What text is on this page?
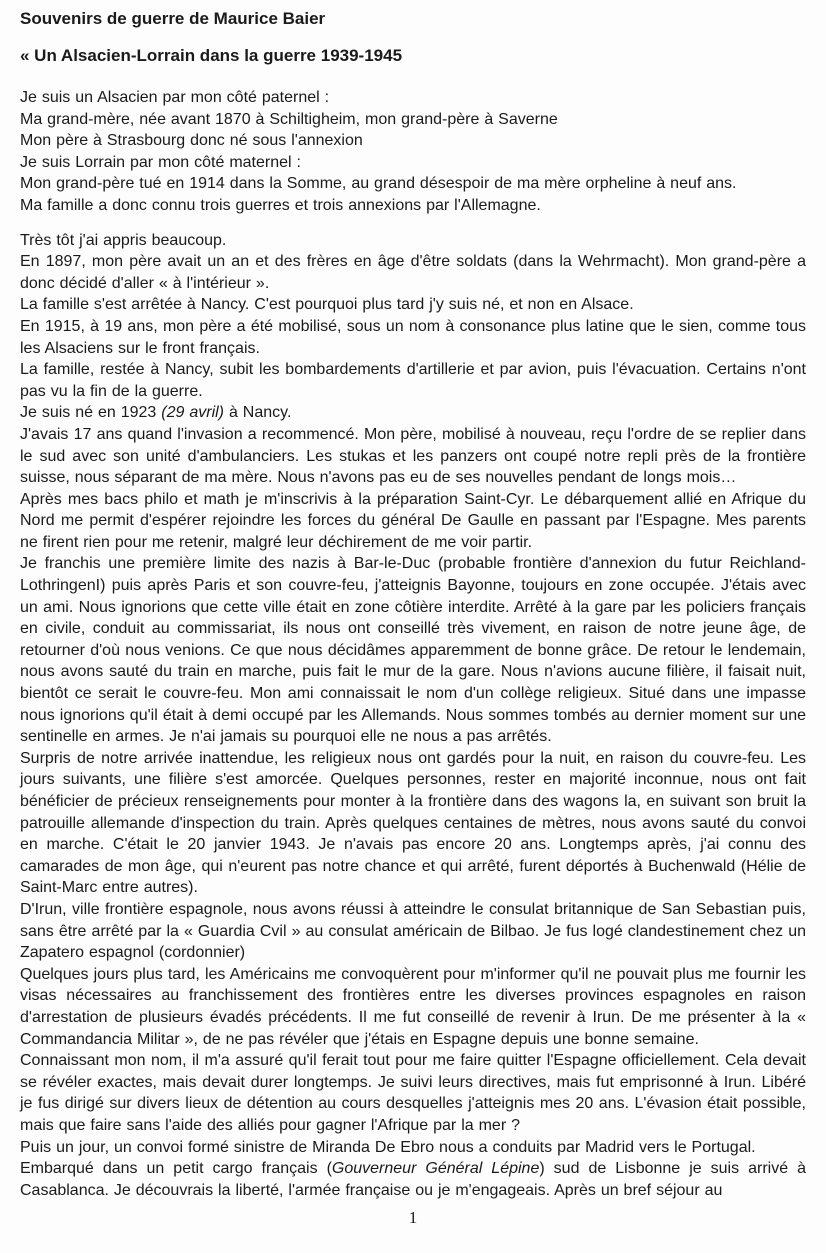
Souvenirs de guerre de Maurice Baier
« Un Alsacien-Lorrain dans la guerre 1939-1945

Je suis un Alsacien par mon côté paternel :

Ma grand-mère, née avant 1870 à Schiltigheim, mon grand-père à Saverne

Mon père à Strasbourg donc né sous l'annexion

Je suis Lorrain par mon côté maternel :

Mon grand-père tué en 1914 dans la Somme, au grand désespoir de ma mère orpheline à neuf ans.

Ma famille a donc connu trois guerres et trois annexions par l'Allemagne.

Très tôt j'ai appris beaucoup.

En 1897, mon père avait un an et des frères en âge d'être soldats (dans la Wehrmacht). Mon grand-père a donc décidé d'aller « à l'intérieur ».

La famille s'est arrêtée à Nancy. C'est pourquoi plus tard j'y suis né, et non en Alsace.

En 1915, à 19 ans, mon père a été mobilisé, sous un nom à consonance plus latine que le sien, comme tous les Alsaciens sur le front français.

La famille, restée à Nancy, subit les bombardements d'artillerie et par avion, puis l'évacuation. Certains n'ont pas vu la fin de la guerre.

Je suis né en 1923 (29 avril) à Nancy.

J'avais 17 ans quand l'invasion a recommencé. Mon père, mobilisé à nouveau, reçu l'ordre de se replier dans le sud avec son unité d'ambulanciers. Les stukas et les panzers ont coupé notre repli près de la frontière suisse, nous séparant de ma mère. Nous n'avons pas eu de ses nouvelles pendant de longs mois…

Après mes bacs philo et math je m'inscrivis à la préparation Saint-Cyr. Le débarquement allié en Afrique du Nord me permit d'espérer rejoindre les forces du général De Gaulle en passant par l'Espagne. Mes parents ne firent rien pour me retenir, malgré leur déchirement de me voir partir.

Je franchis une première limite des nazis à Bar-le-Duc (probable frontière d'annexion du futur Reichland-LothringenI) puis après Paris et son couvre-feu, j'atteignis Bayonne, toujours en zone occupée. J'étais avec un ami. Nous ignorions que cette ville était en zone côtière interdite. Arrêté à la gare par les policiers français en civile, conduit au commissariat, ils nous ont conseillé très vivement, en raison de notre jeune âge, de retourner d'où nous venions. Ce que nous décidâmes apparemment de bonne grâce. De retour le lendemain, nous avons sauté du train en marche, puis fait le mur de la gare. Nous n'avions aucune filière, il faisait nuit, bientôt ce serait le couvre-feu. Mon ami connaissait le nom d'un collège religieux. Situé dans une impasse nous ignorions qu'il était à demi occupé par les Allemands. Nous sommes tombés au dernier moment sur une sentinelle en armes. Je n'ai jamais su pourquoi elle ne nous a pas arrêtés.

Surpris de notre arrivée inattendue, les religieux nous ont gardés pour la nuit, en raison du couvre-feu. Les jours suivants, une filière s'est amorcée. Quelques personnes, rester en majorité inconnue, nous ont fait bénéficier de précieux renseignements pour monter à la frontière dans des wagons la, en suivant son bruit la patrouille allemande d'inspection du train. Après quelques centaines de mètres, nous avons sauté du convoi en marche. C'était le 20 janvier 1943. Je n'avais pas encore 20 ans. Longtemps après, j'ai connu des camarades de mon âge, qui n'eurent pas notre chance et qui arrêté, furent déportés à Buchenwald (Hélie de Saint-Marc entre autres).

D'Irun, ville frontière espagnole, nous avons réussi à atteindre le consulat britannique de San Sebastian puis, sans être arrêté par la « Guardia Cvil » au consulat américain de Bilbao. Je fus logé clandestinement chez un Zapatero espagnol (cordonnier)

Quelques jours plus tard, les Américains me convoquèrent pour m'informer qu'il ne pouvait plus me fournir les visas nécessaires au franchissement des frontières entre les diverses provinces espagnoles en raison d'arrestation de plusieurs évadés précédents. Il me fut conseillé de revenir à Irun. De me présenter à la « Commandancia Militar », de ne pas révéler que j'étais en Espagne depuis une bonne semaine.

Connaissant mon nom, il m'a assuré qu'il ferait tout pour me faire quitter l'Espagne officiellement. Cela devait se révéler exactes, mais devait durer longtemps. Je suivi leurs directives, mais fut emprisonné à Irun. Libéré je fus dirigé sur divers lieux de détention au cours desquelles j'atteignis mes 20 ans. L'évasion était possible, mais que faire sans l'aide des alliés pour gagner l'Afrique par la mer ?

Puis un jour, un convoi formé sinistre de Miranda De Ebro nous a conduits par Madrid vers le Portugal.

Embarqué dans un petit cargo français (Gouverneur Général Lépine) sud de Lisbonne je suis arrivé à Casablanca. Je découvrais la liberté, l'armée française ou je m'engageais. Après un bref séjour au

1
